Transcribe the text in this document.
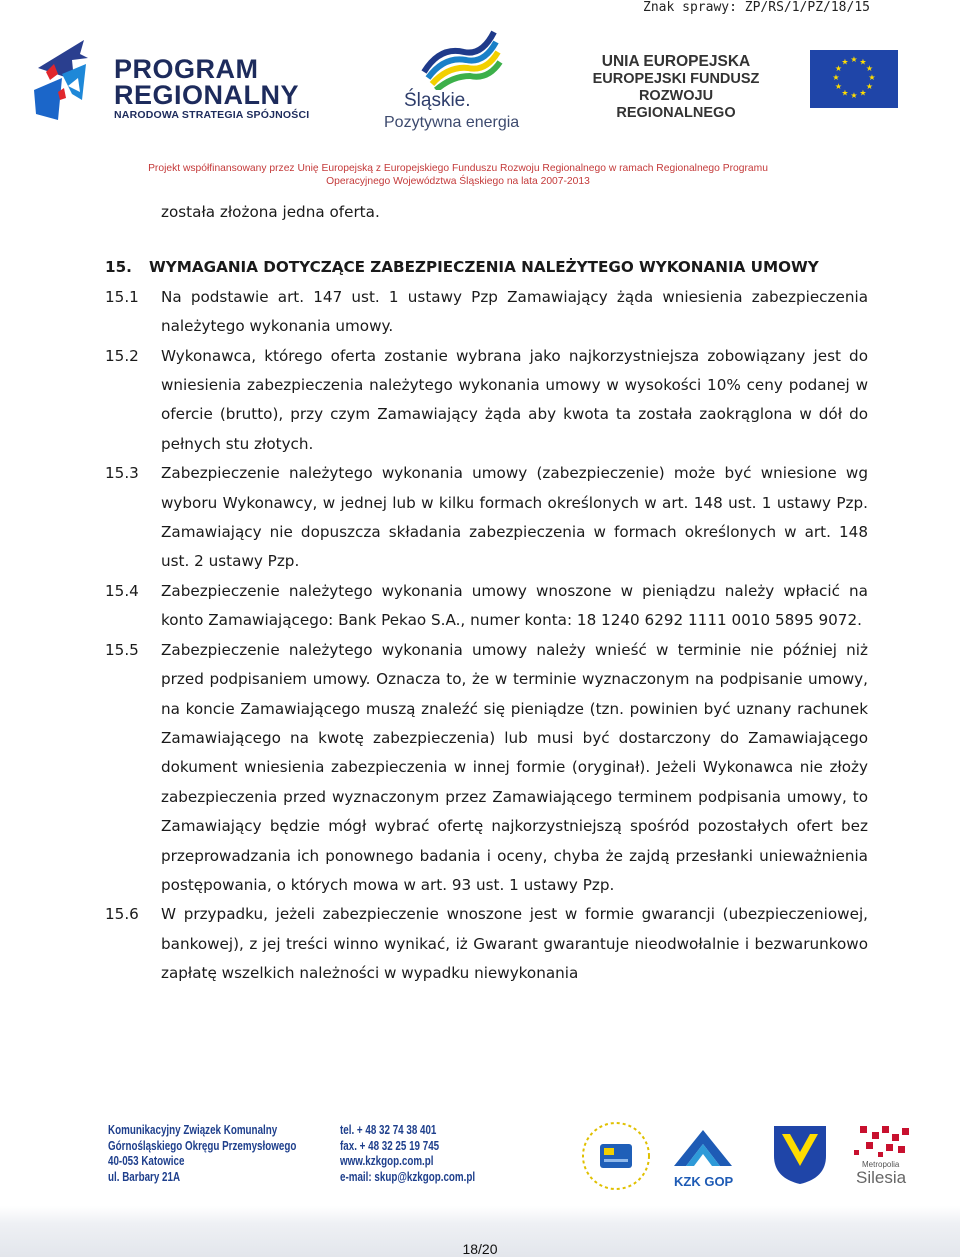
Znak sprawy: ZP/RS/1/PZ/18/15
PROGRAM
REGIONALNY
NARODOWA STRATEGIA SPÓJNOŚCI
Śląskie.
Pozytywna energia
UNIA EUROPEJSKA
EUROPEJSKI FUNDUSZ
ROZWOJU REGIONALNEGO
★ ★
★
★
★
★
★
★
★
★
★
★
Projekt współfinansowany przez Unię Europejską z Europejskiego Funduszu Rozwoju Regionalnego w ramach Regionalnego Programu
Operacyjnego Województwa Śląskiego na lata 2007-2013

została złożona jedna oferta.

15.	WYMAGANIA DOTYCZĄCE ZABEZPIECZENIA NALEŻYTEGO WYKONANIA UMOWY
15.1	Na podstawie art. 147 ust. 1 ustawy Pzp Zamawiający żąda wniesienia zabezpieczenia należytego wykonania umowy.
15.2	Wykonawca, którego oferta zostanie wybrana jako najkorzystniejsza zobowiązany jest do wniesienia zabezpieczenia należytego wykonania umowy w wysokości 10% ceny podanej w ofercie (brutto), przy czym Zamawiający żąda aby kwota ta została zaokrąglona w dół do pełnych stu złotych.
15.3	Zabezpieczenie należytego wykonania umowy (zabezpieczenie) może być wniesione wg wyboru Wykonawcy, w jednej lub w kilku formach określonych w art. 148 ust. 1 ustawy Pzp. Zamawiający nie dopuszcza składania zabezpieczenia w formach określonych w art. 148 ust. 2 ustawy Pzp.
15.4	Zabezpieczenie należytego wykonania umowy wnoszone w pieniądzu należy wpłacić na konto Zamawiającego: Bank Pekao S.A., numer konta: 18 1240 6292 1111 0010 5895 9072.
15.5	Zabezpieczenie należytego wykonania umowy należy wnieść w terminie nie później niż przed podpisaniem umowy. Oznacza to, że w terminie wyznaczonym na podpisanie umowy, na koncie Zamawiającego muszą znaleźć się pieniądze (tzn. powinien być uznany rachunek Zamawiającego na kwotę zabezpieczenia) lub musi być dostarczony do Zamawiającego dokument wniesienia zabezpieczenia w innej formie (oryginał). Jeżeli Wykonawca nie złoży zabezpieczenia przed wyznaczonym przez Zamawiającego terminem podpisania umowy, to Zamawiający będzie mógł wybrać ofertę najkorzystniejszą spośród pozostałych ofert bez przeprowadzania ich ponownego badania i oceny, chyba że zajdą przesłanki unieważnienia postępowania, o których mowa w art. 93 ust. 1 ustawy Pzp.
15.6	W przypadku, jeżeli zabezpieczenie wnoszone jest w formie gwarancji (ubezpieczeniowej, bankowej), z jej treści winno wynikać, iż Gwarant gwarantuje nieodwołalnie i bezwarunkowo zapłatę wszelkich należności w wypadku niewykonania
Komunikacyjny Związek Komunalny
Górnośląskiego Okręgu Przemysłowego
40-053 Katowice
ul. Barbary 21A
tel. + 48 32 74 38 401
fax. + 48 32 25 19 745
www.kzkgop.com.pl
e-mail: skup@kzkgop.com.pl	KZK GOP
Metropolia
Silesia
18/20
